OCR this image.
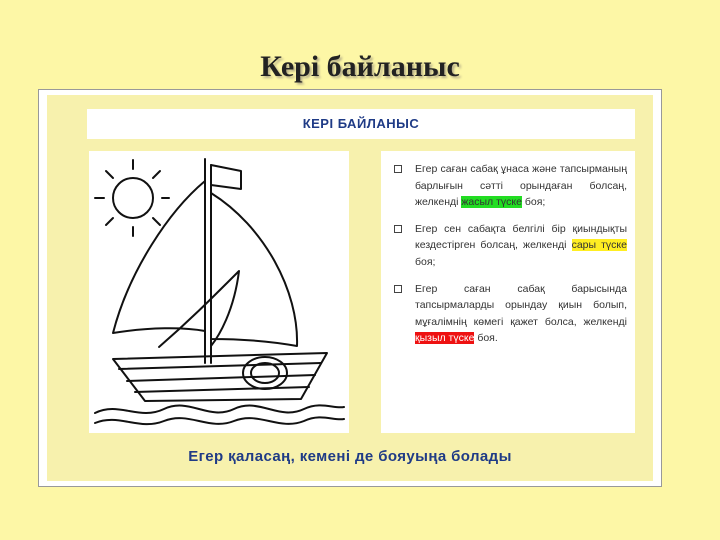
Кері байланыс
КЕРІ БАЙЛАНЫС
Егер саған сабақ ұнаса және тапсырманың барлығын сәтті орындаған болсаң, желкенді жасыл түске боя;
Егер сен сабақта белгілі бір қиындықты кездестірген болсаң, желкенді сары түске боя;
Егер саған сабақ барысында тапсырмаларды орындау қиын болып, мұғалімнің көмегі қажет болса, желкенді қызыл түске боя.
Егер қаласаң, кемені де бояуыңа болады
